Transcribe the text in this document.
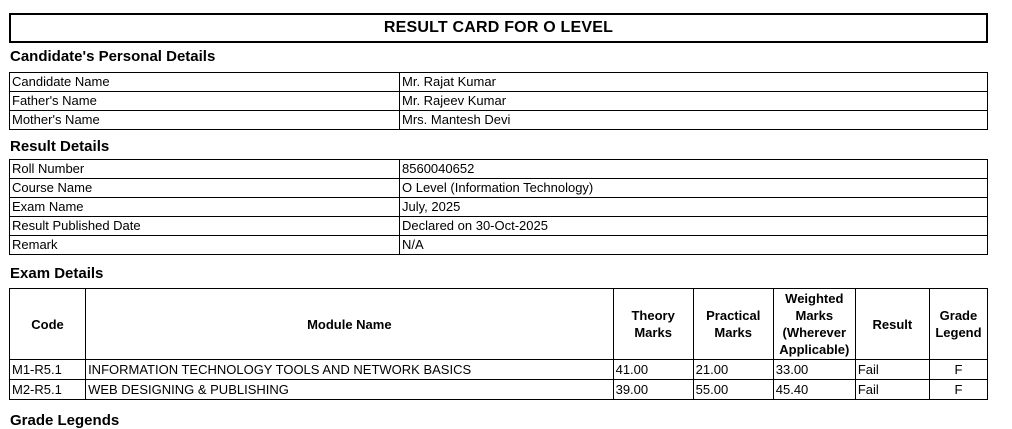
RESULT CARD FOR O LEVEL
Candidate's Personal Details
Candidate Name	Mr. Rajat Kumar
Father's Name	Mr. Rajeev Kumar
Mother's Name	Mrs. Mantesh Devi
Result Details
Roll Number	8560040652
Course Name	O Level (Information Technology)
Exam Name	July, 2025
Result Published Date	Declared on 30-Oct-2025
Remark	N/A
Exam Details
Code	Module Name	Theory Marks	Practical Marks	Weighted Marks (Wherever Applicable)	Result	Grade Legend
M1-R5.1	INFORMATION TECHNOLOGY TOOLS AND NETWORK BASICS	41.00	21.00	33.00	Fail	F
M2-R5.1	WEB DESIGNING & PUBLISHING	39.00	55.00	45.40	Fail	F
Grade Legends
